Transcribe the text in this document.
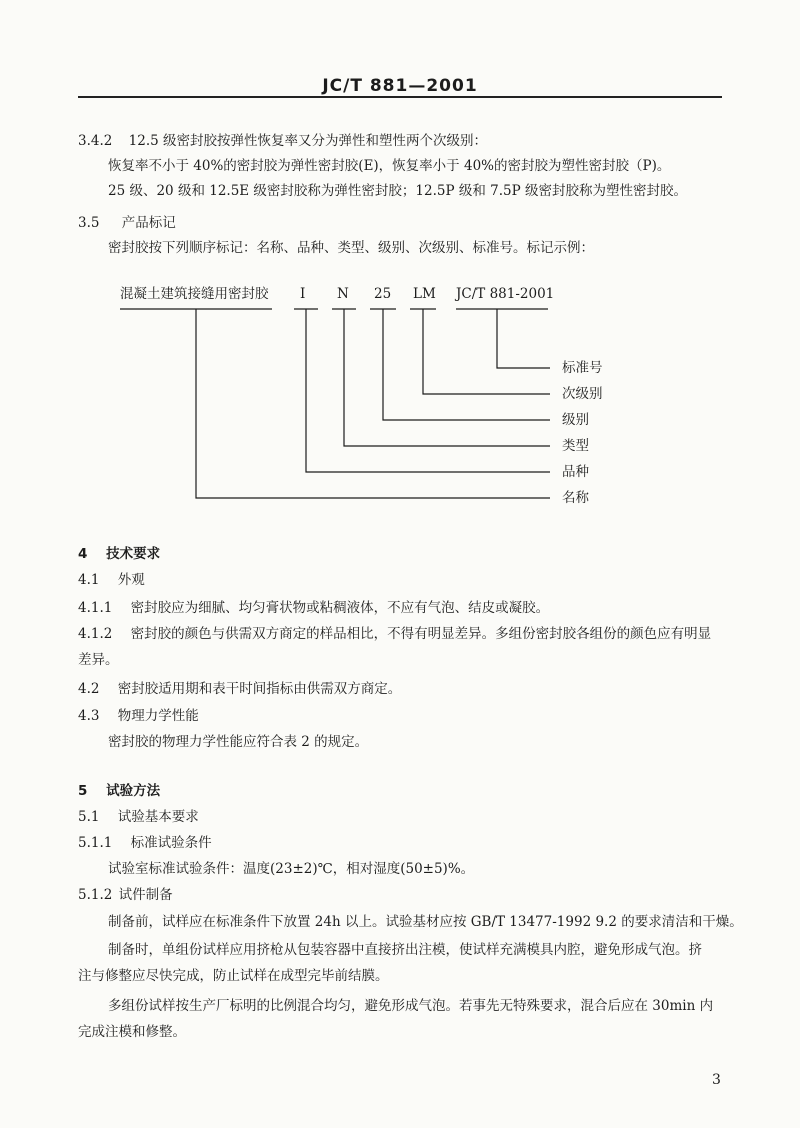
JC/T 881—2001
3.4.2 12.5 级密封胶按弹性恢复率又分为弹性和塑性两个次级别：
恢复率不小于 40%的密封胶为弹性密封胶(E)，恢复率小于 40%的密封胶为塑性密封胶（P)。
25 级、20 级和 12.5E 级密封胶称为弹性密封胶；12.5P 级和 7.5P 级密封胶称为塑性密封胶。
3.5 产品标记
密封胶按下列顺序标记：名称、品种、类型、级别、次级别、标准号。标记示例：
混凝土建筑接缝用密封胶 I N 25 LM JC/T 881-2001
标准号
次级别
级别
类型
品种
名称
4 技术要求
4.1 外观
4.1.1 密封胶应为细腻、均匀膏状物或粘稠液体，不应有气泡、结皮或凝胶。
4.1.2 密封胶的颜色与供需双方商定的样品相比，不得有明显差异。多组份密封胶各组份的颜色应有明显
差异。
4.2 密封胶适用期和表干时间指标由供需双方商定。
4.3 物理力学性能
密封胶的物理力学性能应符合表 2 的规定。
5 试验方法
5.1 试验基本要求
5.1.1 标准试验条件
试验室标准试验条件：温度(23±2)℃，相对湿度(50±5)%。
5.1.2 试件制备
制备前，试样应在标准条件下放置 24h 以上。试验基材应按 GB/T 13477-1992 9.2 的要求清洁和干燥。
制备时，单组份试样应用挤枪从包装容器中直接挤出注模，使试样充满模具内腔，避免形成气泡。挤
注与修整应尽快完成，防止试样在成型完毕前结膜。
多组份试样按生产厂标明的比例混合均匀，避免形成气泡。若事先无特殊要求，混合后应在 30min 内
完成注模和修整。
3
